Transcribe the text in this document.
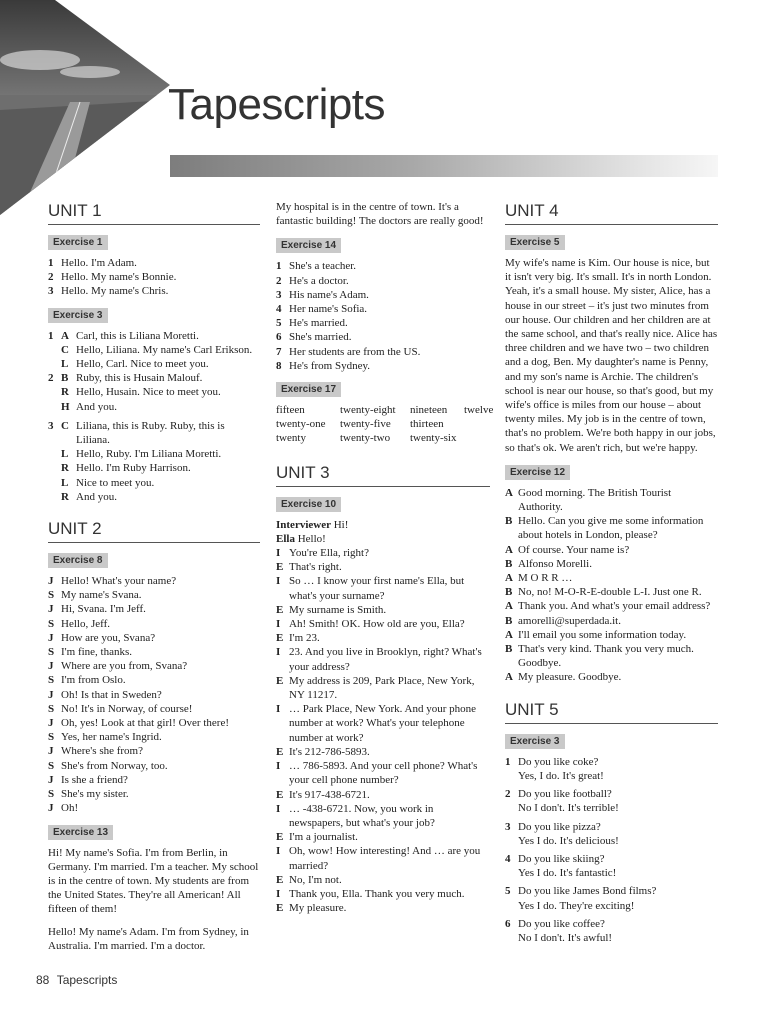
Tapescripts
UNIT 1
Exercise 1
1 Hello. I'm Adam.
2 Hello. My name's Bonnie.
3 Hello. My name's Chris.
Exercise 3
1 A Carl, this is Liliana Moretti.
C Hello, Liliana. My name's Carl Erikson.
L Hello, Carl. Nice to meet you.
2 B Ruby, this is Husain Malouf.
R Hello, Husain. Nice to meet you.
H And you.
3 C Liliana, this is Ruby. Ruby, this is Liliana.
L Hello, Ruby. I'm Liliana Moretti.
R Hello. I'm Ruby Harrison.
L Nice to meet you.
R And you.
UNIT 2
Exercise 8
J Hello! What's your name?
S My name's Svana.
J Hi, Svana. I'm Jeff.
S Hello, Jeff.
J How are you, Svana?
S I'm fine, thanks.
J Where are you from, Svana?
S I'm from Oslo.
J Oh! Is that in Sweden?
S No! It's in Norway, of course!
J Oh, yes! Look at that girl! Over there!
S Yes, her name's Ingrid.
J Where's she from?
S She's from Norway, too.
J Is she a friend?
S She's my sister.
J Oh!
Exercise 13

Hi! My name's Sofia. I'm from Berlin, in Germany. I'm married. I'm a teacher. My school is in the centre of town. My students are from the United States. They're all American! All fifteen of them!

Hello! My name's Adam. I'm from Sydney, in Australia. I'm married. I'm a doctor.

My hospital is in the centre of town. It's a fantastic building! The doctors are really good!

Exercise 14
1 She's a teacher.
2 He's a doctor.
3 His name's Adam.
4 Her name's Sofia.
5 He's married.
6 She's married.
7 Her students are from the US.
8 He's from Sydney.
Exercise 17
fifteen	twenty-eight	nineteen	twelve
twenty-one	twenty-five	thirteen
twenty	twenty-two	twenty-six
UNIT 3
Exercise 10
Interviewer Hi!
Ella Hello!
I You're Ella, right?
E That's right.
I So … I know your first name's Ella, but what's your surname?
E My surname is Smith.
I Ah! Smith! OK. How old are you, Ella?
E I'm 23.
I 23. And you live in Brooklyn, right? What's your address?
E My address is 209, Park Place, New York, NY 11217.
I … Park Place, New York. And your phone number at work? What's your telephone number at work?
E It's 212-786-5893.
I … 786-5893. And your cell phone? What's your cell phone number?
E It's 917-438-6721.
I … -438-6721. Now, you work in newspapers, but what's your job?
E I'm a journalist.
I Oh, wow! How interesting! And … are you married?
E No, I'm not.
I Thank you, Ella. Thank you very much.
E My pleasure.
UNIT 4
Exercise 5

My wife's name is Kim. Our house is nice, but it isn't very big. It's small. It's in north London. Yeah, it's a small house. My sister, Alice, has a house in our street – it's just two minutes from our house. Our children and her children are at the same school, and that's really nice. Alice has three children and we have two – two children and a dog, Ben. My daughter's name is Penny, and my son's name is Archie. The children's school is near our house, so that's good, but my wife's office is miles from our house – about twenty miles. My job is in the centre of town, that's no problem. We're both happy in our jobs, so that's ok. We aren't rich, but we're happy.

Exercise 12
A Good morning. The British Tourist Authority.
B Hello. Can you give me some information about hotels in London, please?
A Of course. Your name is?
B Alfonso Morelli.
A M O R R …
B No, no! M-O-R-E-double L-I. Just one R.
A Thank you. And what's your email address?
B amorelli@superdada.it.
A I'll email you some information today.
B That's very kind. Thank you very much. Goodbye.
A My pleasure. Goodbye.
UNIT 5
Exercise 3
1 Do you like coke?
Yes, I do. It's great!
2 Do you like football?
No I don't. It's terrible!
3 Do you like pizza?
Yes I do. It's delicious!
4 Do you like skiing?
Yes I do. It's fantastic!
5 Do you like James Bond films?
Yes I do. They're exciting!
6 Do you like coffee?
No I don't. It's awful!
88 Tapescripts
